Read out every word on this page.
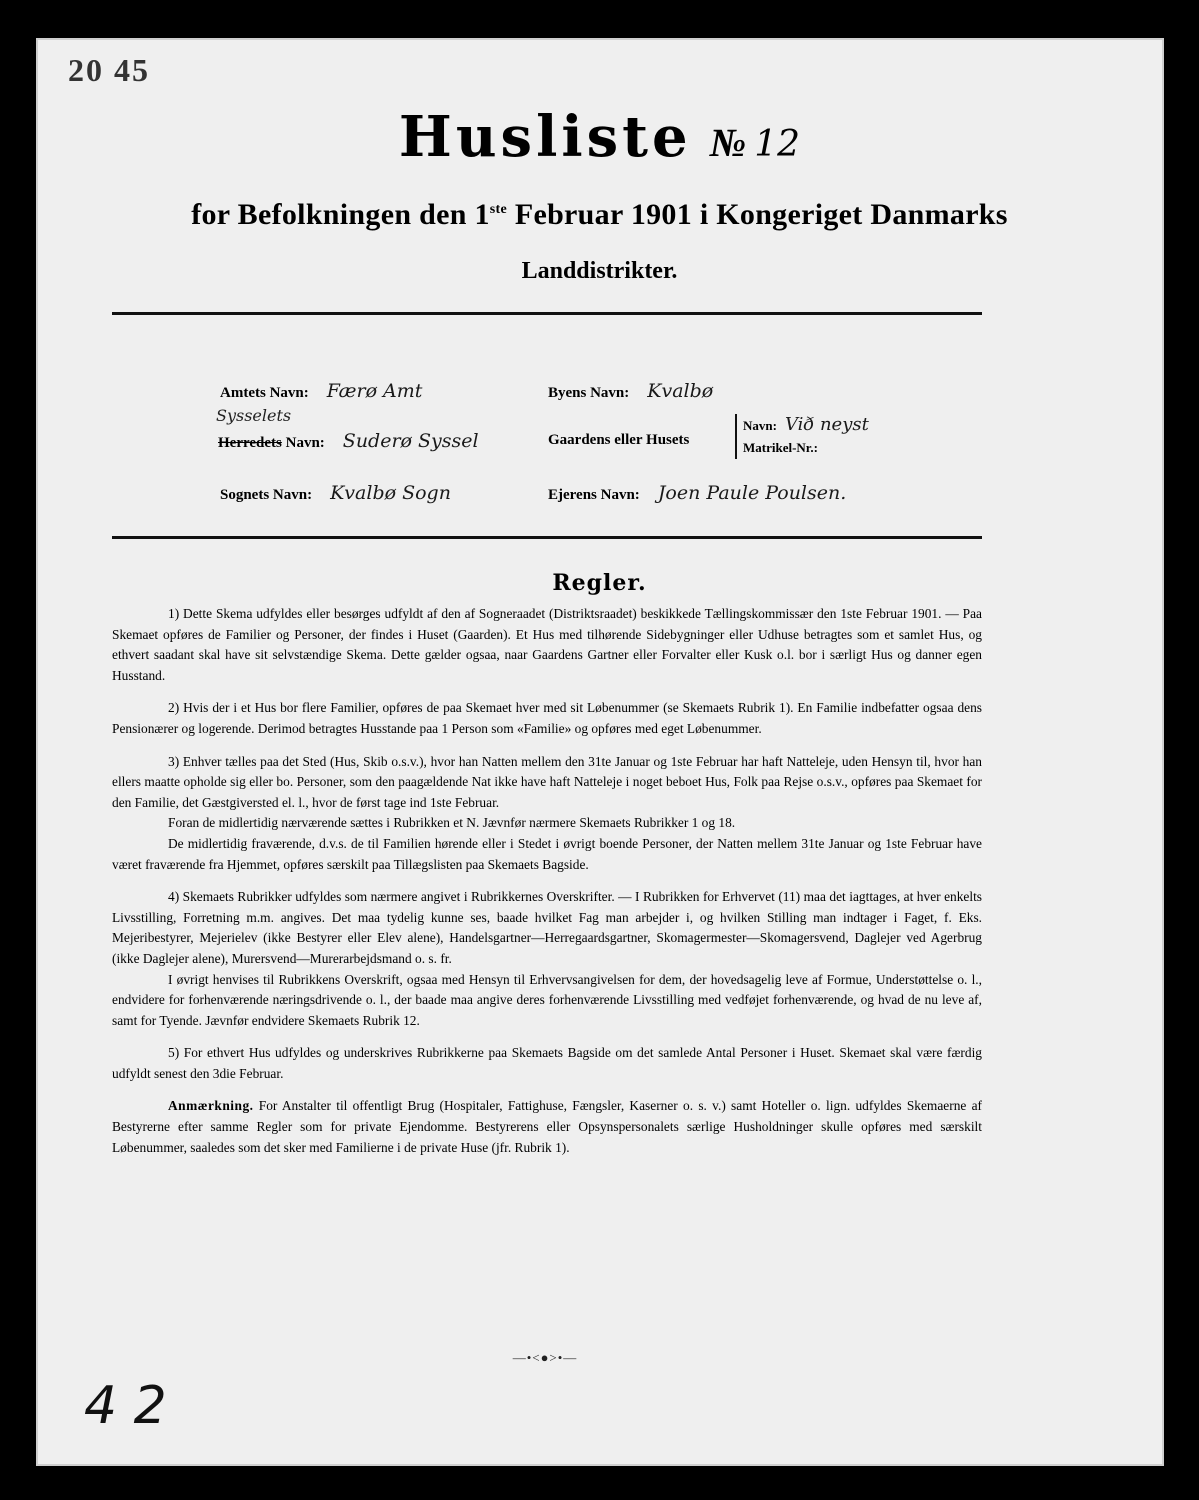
20 45
Husliste № 12
for Befolkningen den 1ste Februar 1901 i Kongeriget Danmarks
Landdistrikter.
Amtets Navn: Færø Amt	Byens Navn: Kvalbø
Sysselets
Herredets Navn: Suderø Syssel	Gaardens eller Husets
Navn: Við neyst
Matrikel-Nr.:
Sognets Navn: Kvalbø Sogn	Ejerens Navn: Joen Paule Poulsen.
Regler.

1) Dette Skema udfyldes eller besørges udfyldt af den af Sogneraadet (Distriktsraadet) beskikkede Tællingskommissær den 1ste Februar 1901. — Paa Skemaet opføres de Familier og Personer, der findes i Huset (Gaarden). Et Hus med tilhørende Sidebygninger eller Udhuse betragtes som et samlet Hus, og ethvert saadant skal have sit selvstændige Skema. Dette gælder ogsaa, naar Gaardens Gartner eller Forvalter eller Kusk o.l. bor i særligt Hus og danner egen Husstand.

2) Hvis der i et Hus bor flere Familier, opføres de paa Skemaet hver med sit Løbenummer (se Skemaets Rubrik 1). En Familie indbefatter ogsaa dens Pensionærer og logerende. Derimod betragtes Husstande paa 1 Person som «Familie» og opføres med eget Løbenummer.

3) Enhver tælles paa det Sted (Hus, Skib o.s.v.), hvor han Natten mellem den 31te Januar og 1ste Februar har haft Natteleje, uden Hensyn til, hvor han ellers maatte opholde sig eller bo. Personer, som den paagældende Nat ikke have haft Natteleje i noget beboet Hus, Folk paa Rejse o.s.v., opføres paa Skemaet for den Familie, det Gæstgiversted el. l., hvor de først tage ind 1ste Februar.

Foran de midlertidig nærværende sættes i Rubrikken et N. Jævnfør nærmere Skemaets Rubrikker 1 og 18.

De midlertidig fraværende, d.v.s. de til Familien hørende eller i Stedet i øvrigt boende Personer, der Natten mellem 31te Januar og 1ste Februar have været fraværende fra Hjemmet, opføres særskilt paa Tillægslisten paa Skemaets Bagside.

4) Skemaets Rubrikker udfyldes som nærmere angivet i Rubrikkernes Overskrifter. — I Rubrikken for Erhvervet (11) maa det iagttages, at hver enkelts Livsstilling, Forretning m.m. angives. Det maa tydelig kunne ses, baade hvilket Fag man arbejder i, og hvilken Stilling man indtager i Faget, f. Eks. Mejeribestyrer, Mejerielev (ikke Bestyrer eller Elev alene), Handelsgartner—Herregaardsgartner, Skomagermester—Skomagersvend, Daglejer ved Agerbrug (ikke Daglejer alene), Murersvend—Murerarbejdsmand o. s. fr.

I øvrigt henvises til Rubrikkens Overskrift, ogsaa med Hensyn til Erhvervsangivelsen for dem, der hovedsagelig leve af Formue, Understøttelse o. l., endvidere for forhenværende næringsdrivende o. l., der baade maa angive deres forhenværende Livsstilling med vedføjet forhenværende, og hvad de nu leve af, samt for Tyende. Jævnfør endvidere Skemaets Rubrik 12.

5) For ethvert Hus udfyldes og underskrives Rubrikkerne paa Skemaets Bagside om det samlede Antal Personer i Huset. Skemaet skal være færdig udfyldt senest den 3die Februar.

Anmærkning. For Anstalter til offentligt Brug (Hospitaler, Fattighuse, Fængsler, Kaserner o. s. v.) samt Hoteller o. lign. udfyldes Skemaerne af Bestyrerne efter samme Regler som for private Ejendomme. Bestyrerens eller Opsynspersonalets særlige Husholdninger skulle opføres med særskilt Løbenummer, saaledes som det sker med Familierne i de private Huse (jfr. Rubrik 1).

—•<●>•—
4 2
